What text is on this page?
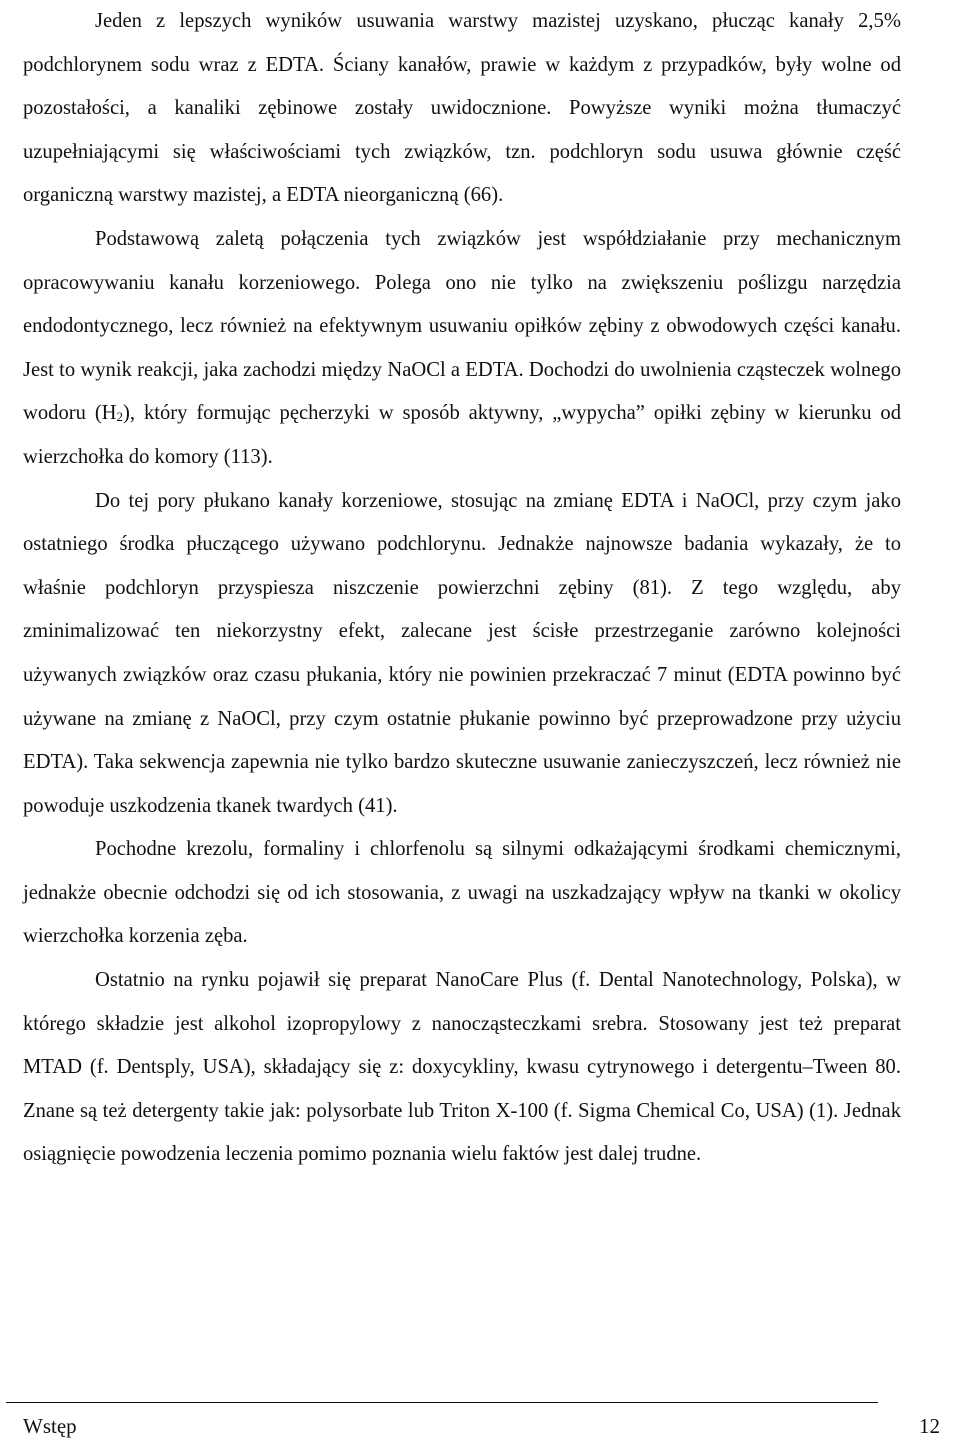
Jeden z lepszych wyników usuwania warstwy mazistej uzyskano, płucząc kanały 2,5% podchlorynem sodu wraz z EDTA. Ściany kanałów, prawie w każdym z przypadków, były wolne od pozostałości, a kanaliki zębinowe zostały uwidocznione. Powyższe wyniki można tłumaczyć uzupełniającymi się właściwościami tych związków, tzn. podchloryn sodu usuwa głównie część organiczną warstwy mazistej, a EDTA nieorganiczną (66).

Podstawową zaletą połączenia tych związków jest współdziałanie przy mechanicznym opracowywaniu kanału korzeniowego. Polega ono nie tylko na zwiększeniu poślizgu narzędzia endodontycznego, lecz również na efektywnym usuwaniu opiłków zębiny z obwodowych części kanału. Jest to wynik reakcji, jaka zachodzi między NaOCl a EDTA. Dochodzi do uwolnienia cząsteczek wolnego wodoru $(H_2)$, który formując pęcherzyki w sposób aktywny, „wypycha” opiłki zębiny w kierunku od wierzchołka do komory (113).

Do tej pory płukano kanały korzeniowe, stosując na zmianę EDTA i NaOCl, przy czym jako ostatniego środka płuczącego używano podchlorynu. Jednakże najnowsze badania wykazały, że to właśnie podchloryn przyspiesza niszczenie powierzchni zębiny (81). Z tego względu, aby zminimalizować ten niekorzystny efekt, zalecane jest ścisłe przestrzeganie zarówno kolejności używanych związków oraz czasu płukania, który nie powinien przekraczać 7 minut (EDTA powinno być używane na zmianę z NaOCl, przy czym ostatnie płukanie powinno być przeprowadzone przy użyciu EDTA). Taka sekwencja zapewnia nie tylko bardzo skuteczne usuwanie zanieczyszczeń, lecz również nie powoduje uszkodzenia tkanek twardych (41).

Pochodne krezolu, formaliny i chlorfenolu są silnymi odkażającymi środkami chemicznymi, jednakże obecnie odchodzi się od ich stosowania, z uwagi na uszkadzający wpływ na tkanki w okolicy wierzchołka korzenia zęba.

Ostatnio na rynku pojawił się preparat NanoCare Plus (f. Dental Nanotechnology, Polska), w którego składzie jest alkohol izopropylowy z nanocząsteczkami srebra. Stosowany jest też preparat MTAD (f. Dentsply, USA), składający się z: doxycykliny, kwasu cytrynowego i detergentu–Tween 80. Znane są też detergenty takie jak: polysorbate lub Triton X-100 (f. Sigma Chemical Co, USA) (1). Jednak osiągnięcie powodzenia leczenia pomimo poznania wielu faktów jest dalej trudne.

Wstęp	12
